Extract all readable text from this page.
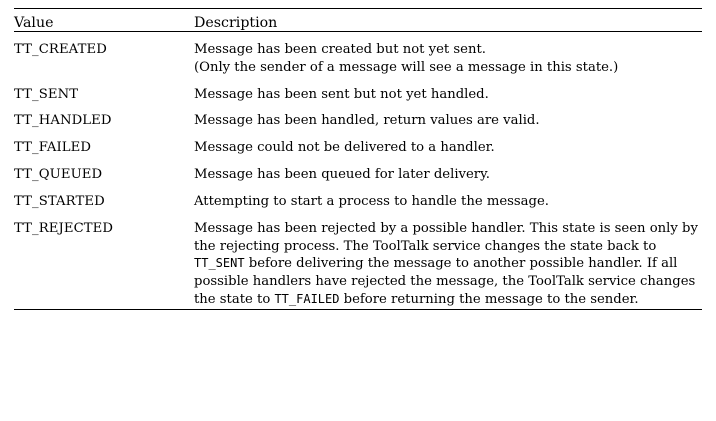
Value	Description

TT_CREATED	Message has been created but not yet sent.
(Only the sender of a message will see a message in this state.)

TT_SENT	Message has been sent but not yet handled.

TT_HANDLED	Message has been handled, return values are valid.

TT_FAILED	Message could not be delivered to a handler.

TT_QUEUED	Message has been queued for later delivery.

TT_STARTED	Attempting to start a process to handle the message.

TT_REJECTED	Message has been rejected by a possible handler. This state is seen only by the rejecting process. The ToolTalk service changes the state back to TT_SENT before delivering the message to another possible handler. If all possible handlers have rejected the message, the ToolTalk service changes the state to TT_FAILED before returning the message to the sender.
